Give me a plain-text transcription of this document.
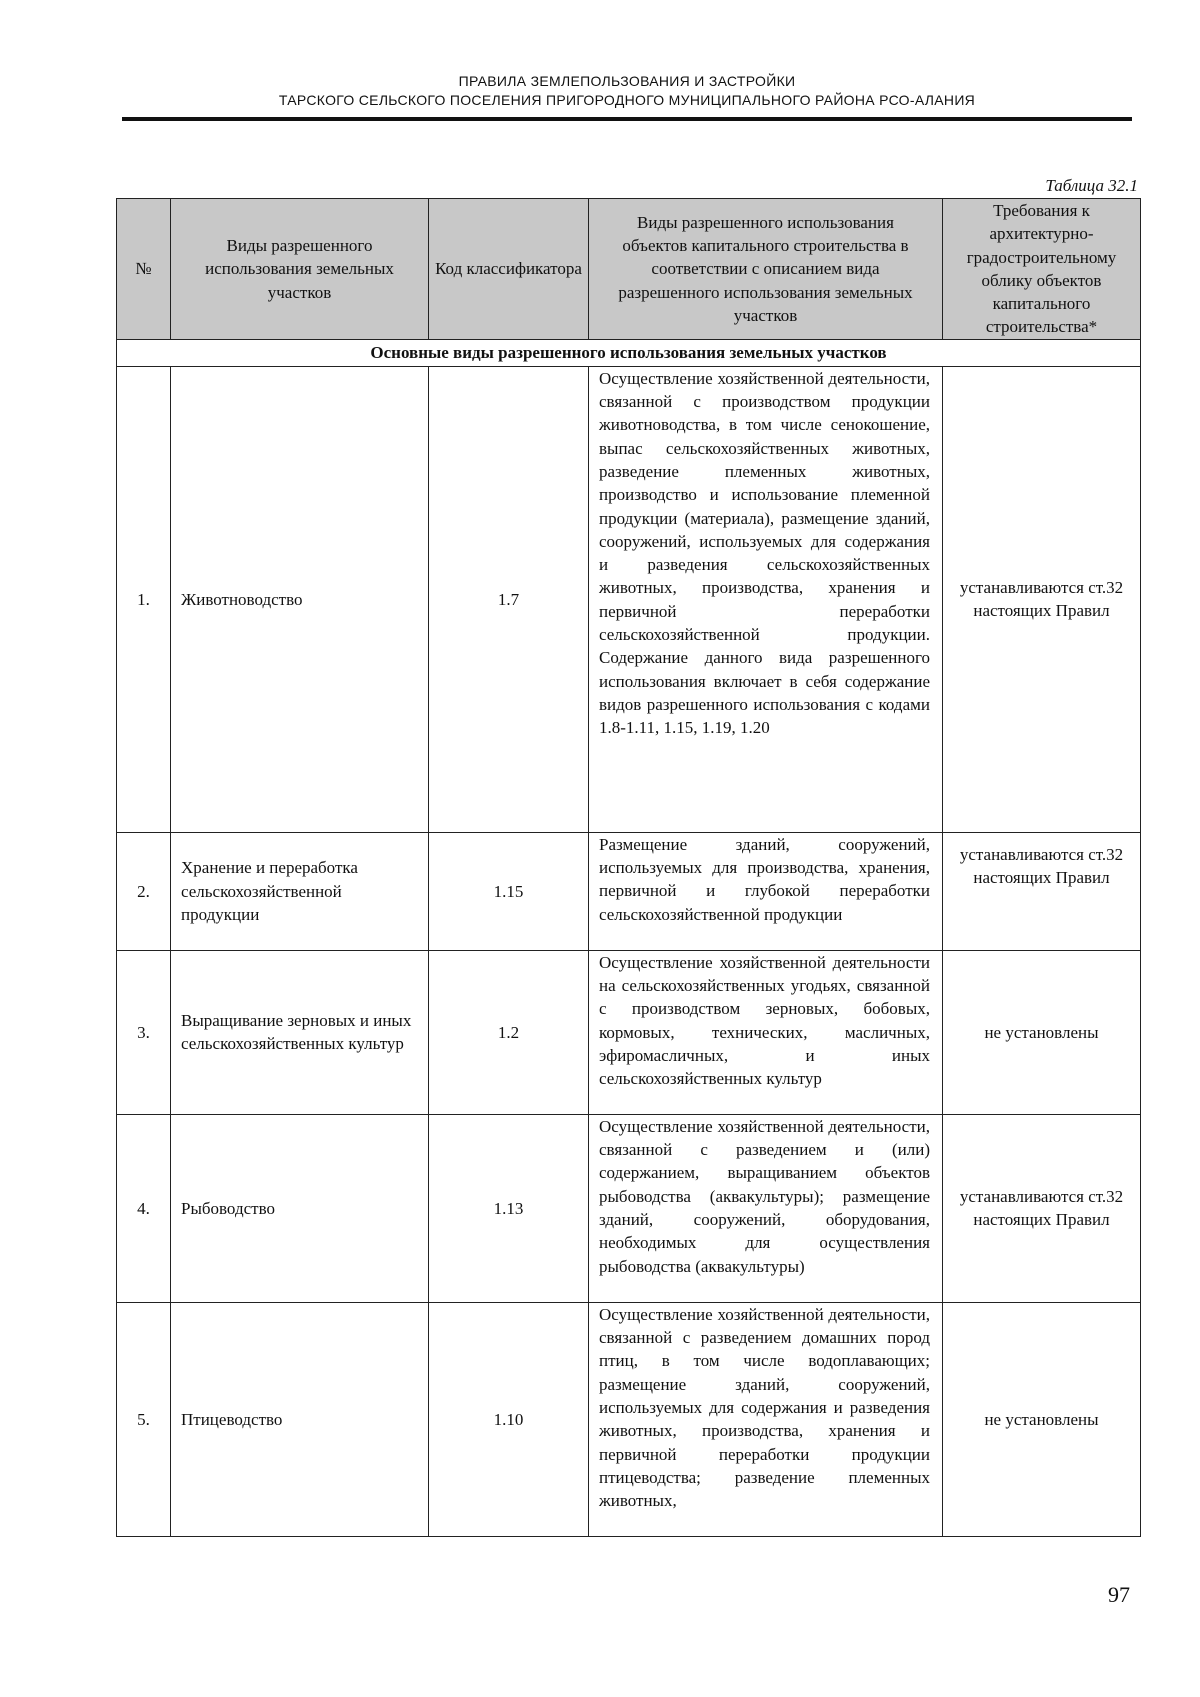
ПРАВИЛА ЗЕМЛЕПОЛЬЗОВАНИЯ И ЗАСТРОЙКИ
ТАРСКОГО СЕЛЬСКОГО ПОСЕЛЕНИЯ ПРИГОРОДНОГО МУНИЦИПАЛЬНОГО РАЙОНА РСО-АЛАНИЯ
Таблица 32.1
№	Виды разрешенного использования земельных участков	Код классификатора	Виды разрешенного использования объектов капитального строительства в соответствии с описанием вида разрешенного использования земельных участков	Требования к архитектурно-градостроительному облику объектов капитального строительства*
Основные виды разрешенного использования земельных участков				
1.	Животноводство	1.7	Осуществление хозяйственной деятельности, связанной с производством продукции животноводства, в том числе сенокошение, выпас сельскохозяйственных животных, разведение племенных животных, производство и использование племенной продукции (материала), размещение зданий, сооружений, используемых для содержания и разведения сельскохозяйственных животных, производства, хранения и первичной переработки сельскохозяйственной продукции. Содержание данного вида разрешенного использования включает в себя содержание видов разрешенного использования с кодами 1.8-1.11, 1.15, 1.19, 1.20	устанавливаются ст.32 настоящих Правил
2.	Хранение и переработка сельскохозяйственной продукции	1.15	Размещение зданий, сооружений, используемых для производства, хранения, первичной и глубокой переработки сельскохозяйственной продукции	устанавливаются ст.32 настоящих Правил
3.	Выращивание зерновых и иных сельскохозяйственных культур	1.2	Осуществление хозяйственной деятельности на сельскохозяйственных угодьях, связанной с производством зерновых, бобовых, кормовых, технических, масличных, эфиромасличных, и иных сельскохозяйственных культур	не установлены
4.	Рыбоводство	1.13	Осуществление хозяйственной деятельности, связанной с разведением и (или) содержанием, выращиванием объектов рыбоводства (аквакультуры); размещение зданий, сооружений, оборудования, необходимых для осуществления рыбоводства (аквакультуры)	устанавливаются ст.32 настоящих Правил
5.	Птицеводство	1.10	Осуществление хозяйственной деятельности, связанной с разведением домашних пород птиц, в том числе водоплавающих; размещение зданий, сооружений, используемых для содержания и разведения животных, производства, хранения и первичной переработки продукции птицеводства; разведение племенных животных,	не установлены
97
